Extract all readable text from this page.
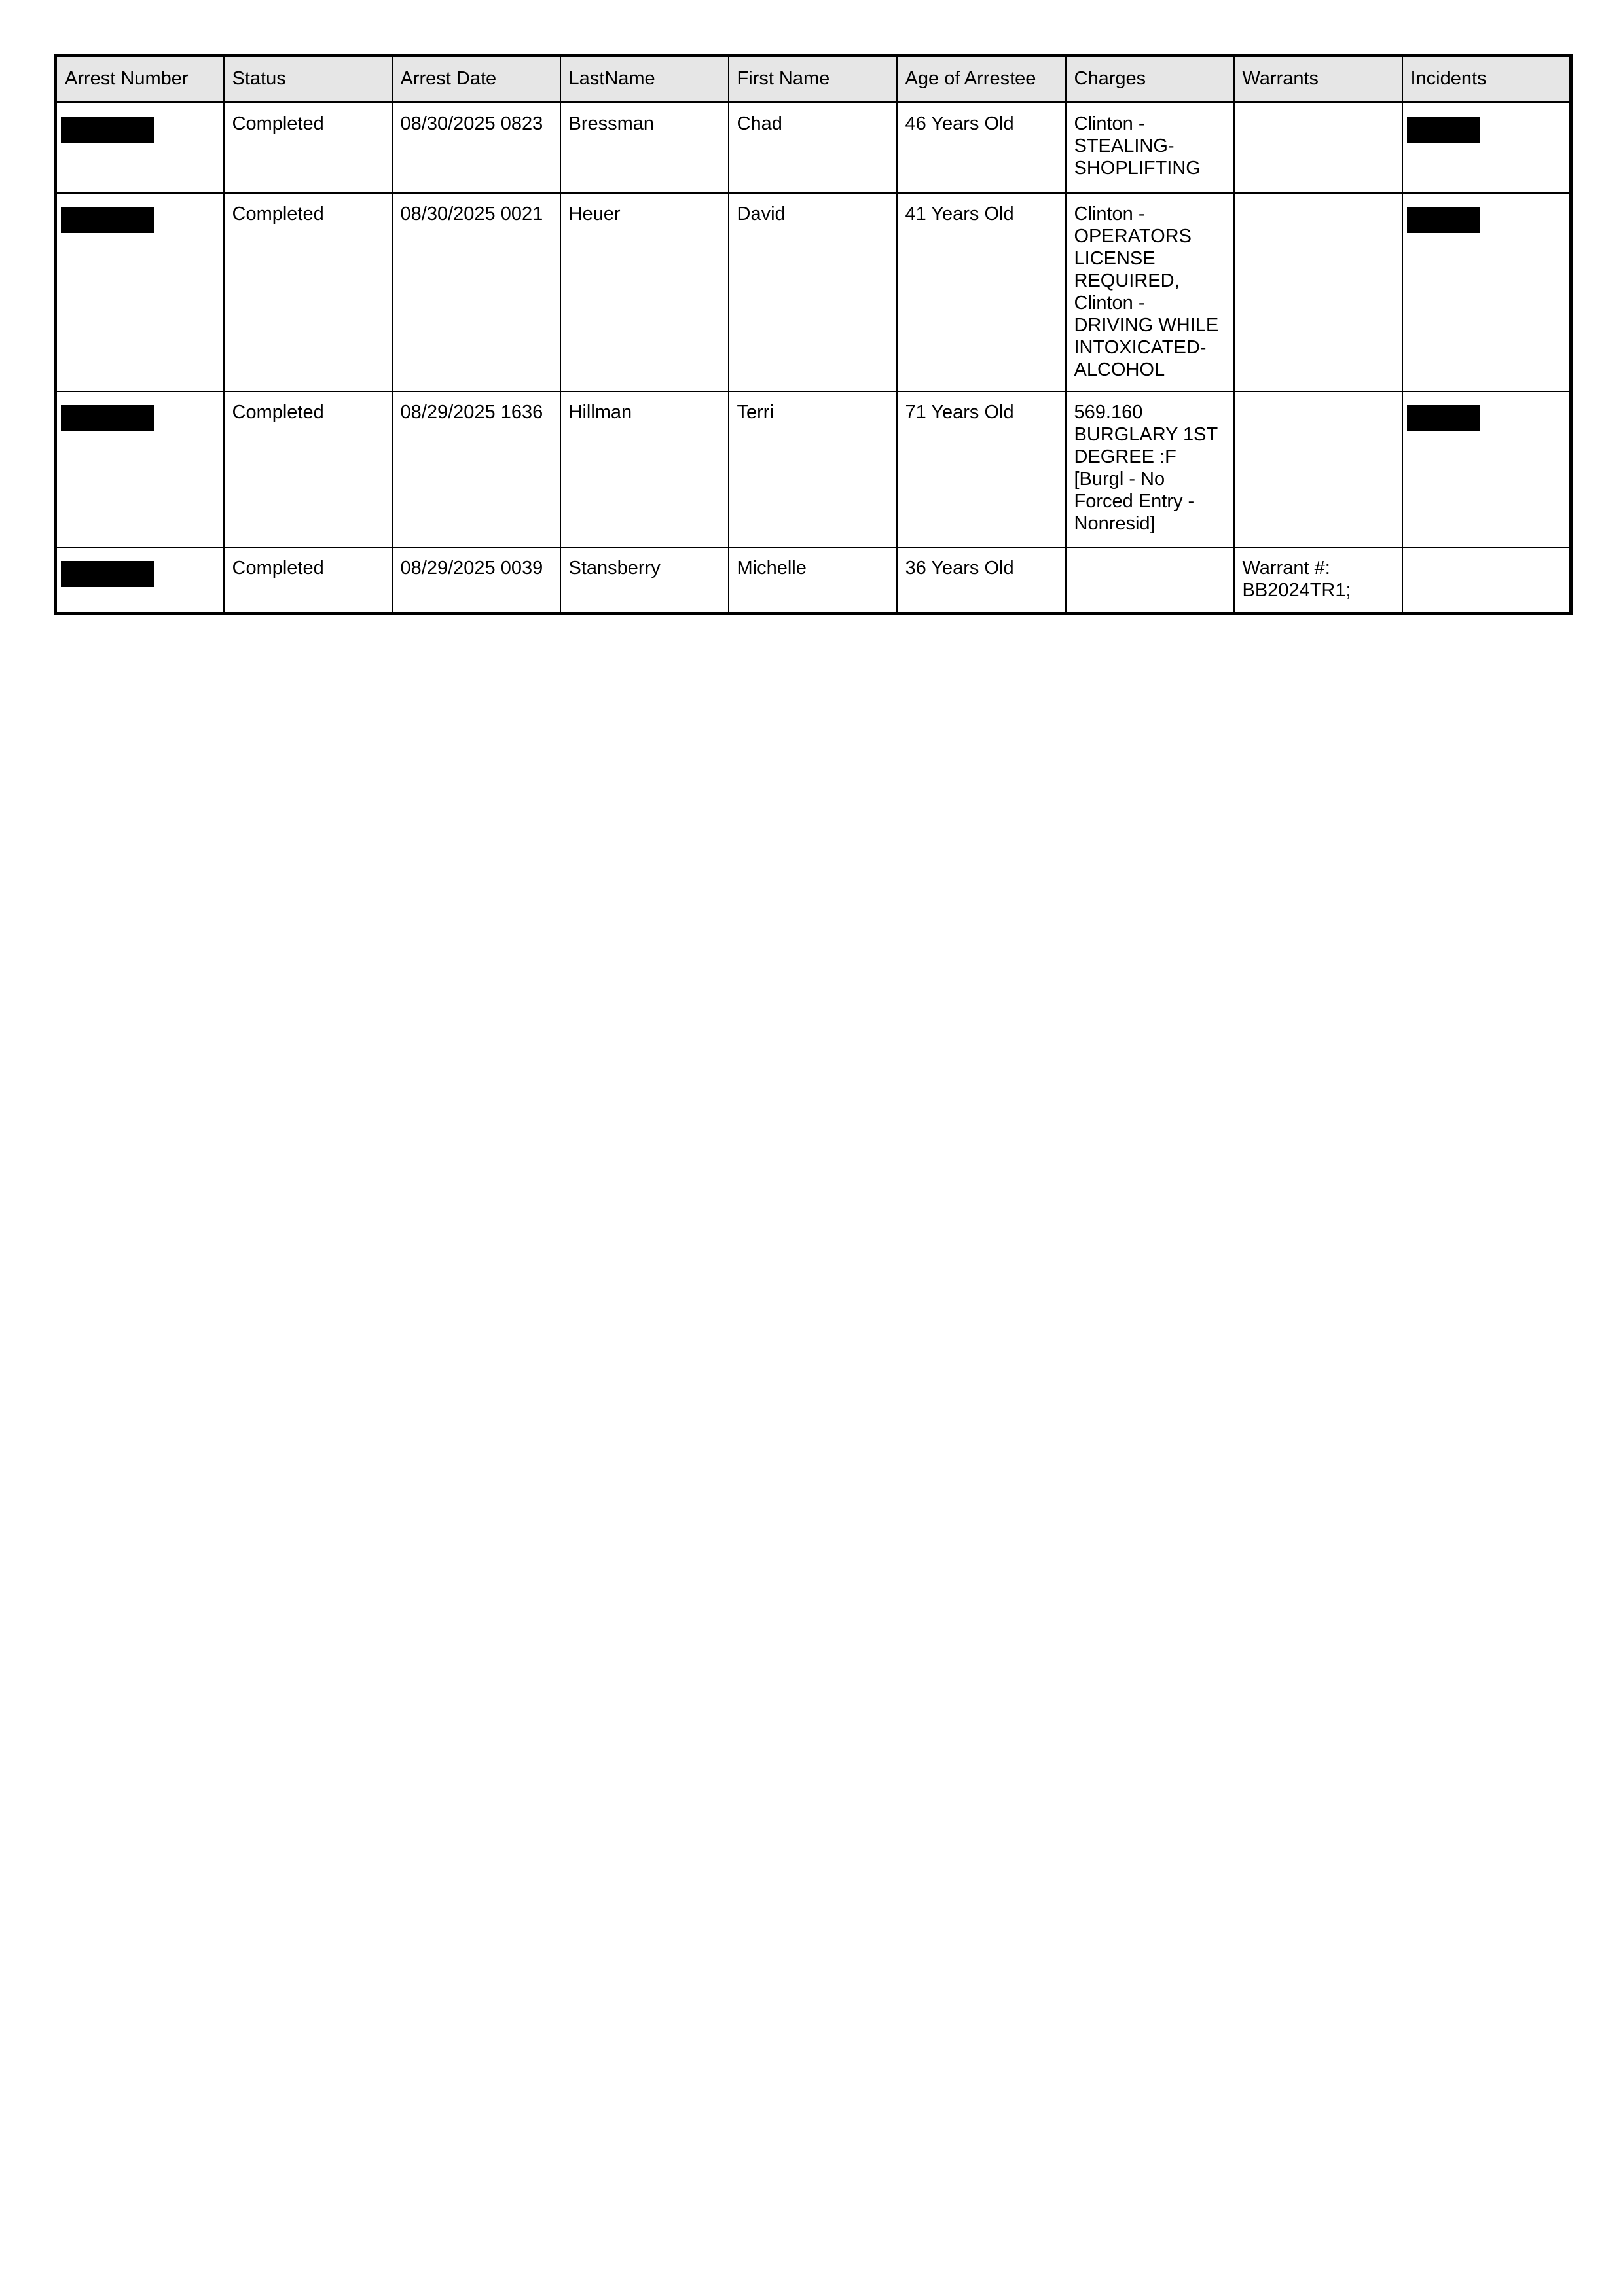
Arrest Number	Status	Arrest Date	LastName	First Name	Age of Arrestee	Charges	Warrants	Incidents

	Completed	08/30/2025 0823	Bressman	Chad	46 Years Old	Clinton - STEALING-SHOPLIFTING		

	Completed	08/30/2025 0021	Heuer	David	41 Years Old	Clinton - OPERATORS LICENSE REQUIRED, Clinton - DRIVING WHILE INTOXICATED-ALCOHOL		

	Completed	08/29/2025 1636	Hillman	Terri	71 Years Old	569.160 BURGLARY 1ST DEGREE :F [Burgl - No Forced Entry - Nonresid]		

	Completed	08/29/2025 0039	Stansberry	Michelle	36 Years Old		Warrant #: BB2024TR1;	
